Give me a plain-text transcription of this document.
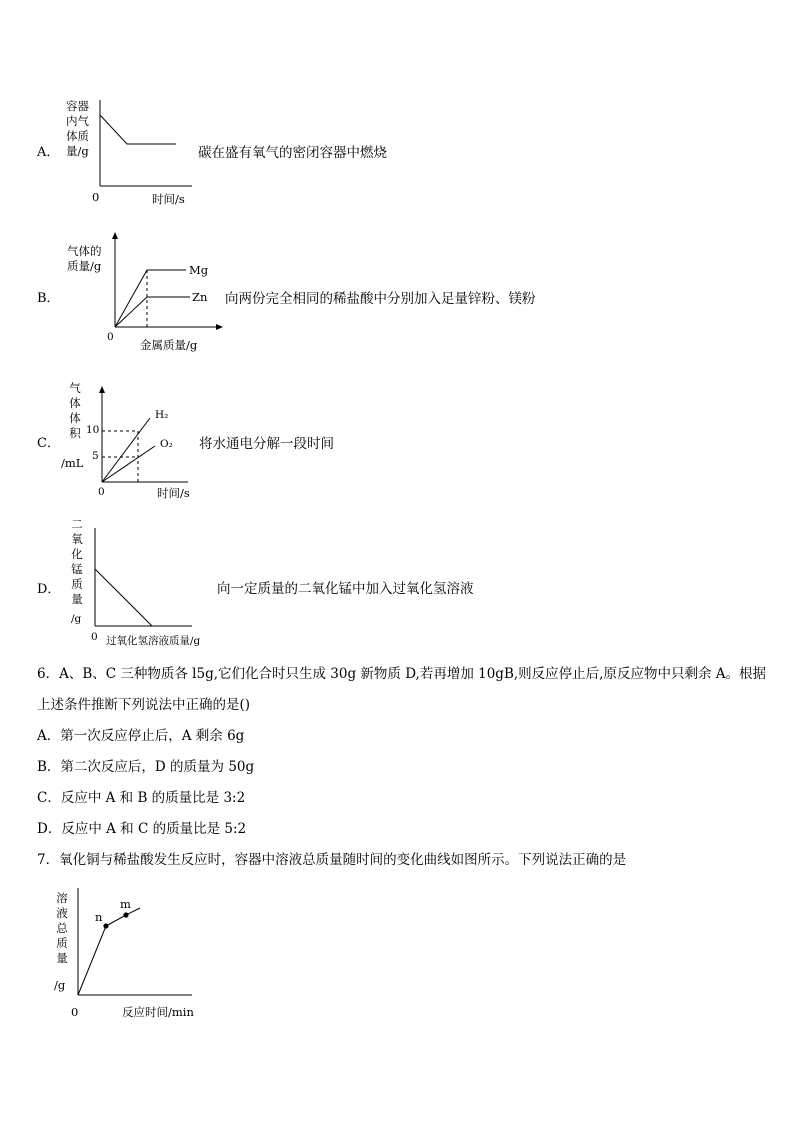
A．
容器
内气
体质
量/g
0	时间/s
碳在盛有氧气的密闭容器中燃烧
B．
气体的
质量/g	Mg
Zn
0
金属质量/g
向两份完全相同的稀盐酸中分别加入足量锌粉、镁粉
C．
气
体
体
积
/mL
10
5
H₂
O₂
0	时间/s
将水通电分解一段时间
D．
二
氧
化
锰
质
量
/g
0 过氧化氢溶液质量/g
向一定质量的二氧化锰中加入过氧化氢溶液
6．A、B、C 三种物质各 l5g,它们化合时只生成 30g 新物质 D,若再增加 10gB,则反应停止后,原反应物中只剩余 A。根据
上述条件推断下列说法中正确的是()
A．第一次反应停止后，A 剩余 6g
B．第二次反应后，D 的质量为 50g
C．反应中 A 和 B 的质量比是 3:2
D．反应中 A 和 C 的质量比是 5:2
7．氧化铜与稀盐酸发生反应时，容器中溶液总质量随时间的变化曲线如图所示。下列说法正确的是
溶
液
总
质
量
/g
n
m
0	反应时间/min
